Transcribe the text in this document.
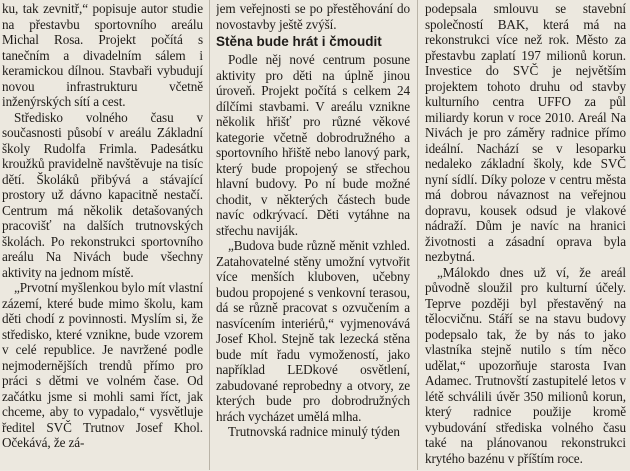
ku, tak zevnitř,“ popisuje autor studie na přestavbu sportovního areálu Michal Rosa. Projekt počítá s tanečním a divadelním sálem i keramickou dílnou. Stavbaři vybudují novou infrastrukturu včetně inženýrských sítí a cest.

Středisko volného času v současnosti působí v areálu Základní školy Rudolfa Frimla. Padesátku kroužků pravidelně navštěvuje na tisíc dětí. Školáků přibývá a stávající prostory už dávno kapacitně nestačí. Centrum má několik detašovaných pracovišť na dalších trutnovských školách. Po rekonstrukci sportovního areálu Na Nivách bude všechny aktivity na jednom místě.

„Prvotní myšlenkou bylo mít vlastní zázemí, které bude mimo školu, kam děti chodí z povinnosti. Myslím si, že středisko, které vznikne, bude vzorem v celé republice. Je navržené podle nejmodernějších trendů přímo pro práci s dětmi ve volném čase. Od začátku jsme si mohli sami říct, jak chceme, aby to vypadalo,“ vysvětluje ředitel SVČ Trutnov Josef Khol. Očekává, že zá-

jem veřejnosti se po přestěhování do novostavby ještě zvýší.

Stěna bude hrát i čmoudit

Podle něj nové centrum posune aktivity pro děti na úplně jinou úroveň. Projekt počítá s celkem 24 dílčími stavbami. V areálu vznikne několik hřišť pro různé věkové kategorie včetně dobrodružného a sportovního hřiště nebo lanový park, který bude propojený se střechou hlavní budovy. Po ní bude možné chodit, v některých částech bude navíc odkrývací. Děti vytáhne na střechu naviják.

„Budova bude různě měnit vzhled. Zatahovatelné stěny umožní vytvořit více menších kluboven, učebny budou propojené s venkovní terasou, dá se různě pracovat s ozvučením a nasvícením interiérů,“ vyjmenovává Josef Khol. Stejně tak lezecká stěna bude mít řadu vymožeností, jako například LEDkové osvětlení, zabudované reprobedny a otvory, ze kterých bude pro dobrodružných hrách vycházet umělá mlha.

Trutnovská radnice minulý týden

podepsala smlouvu se stavební společností BAK, která má na rekonstrukci více než rok. Město za přestavbu zaplatí 197 milionů korun. Investice do SVČ je největším projektem tohoto druhu od stavby kulturního centra UFFO za půl miliardy korun v roce 2010. Areál Na Nivách je pro záměry radnice přímo ideální. Nachází se v lesoparku nedaleko základní školy, kde SVČ nyní sídlí. Díky poloze v centru města má dobrou návaznost na veřejnou dopravu, kousek odsud je vlakové nádraží. Dům je navíc na hranici životnosti a zásadní oprava byla nezbytná.

„Málokdo dnes už ví, že areál původně sloužil pro kulturní účely. Teprve později byl přestavěný na tělocvičnu. Stáří se na stavu budovy podepsalo tak, že by nás to jako vlastníka stejně nutilo s tím něco udělat,“ upozorňuje starosta Ivan Adamec. Trutnovští zastupitelé letos v létě schválili úvěr 350 milionů korun, který radnice použije kromě vybudování střediska volného času také na plánovanou rekonstrukci krytého bazénu v příštím roce.
